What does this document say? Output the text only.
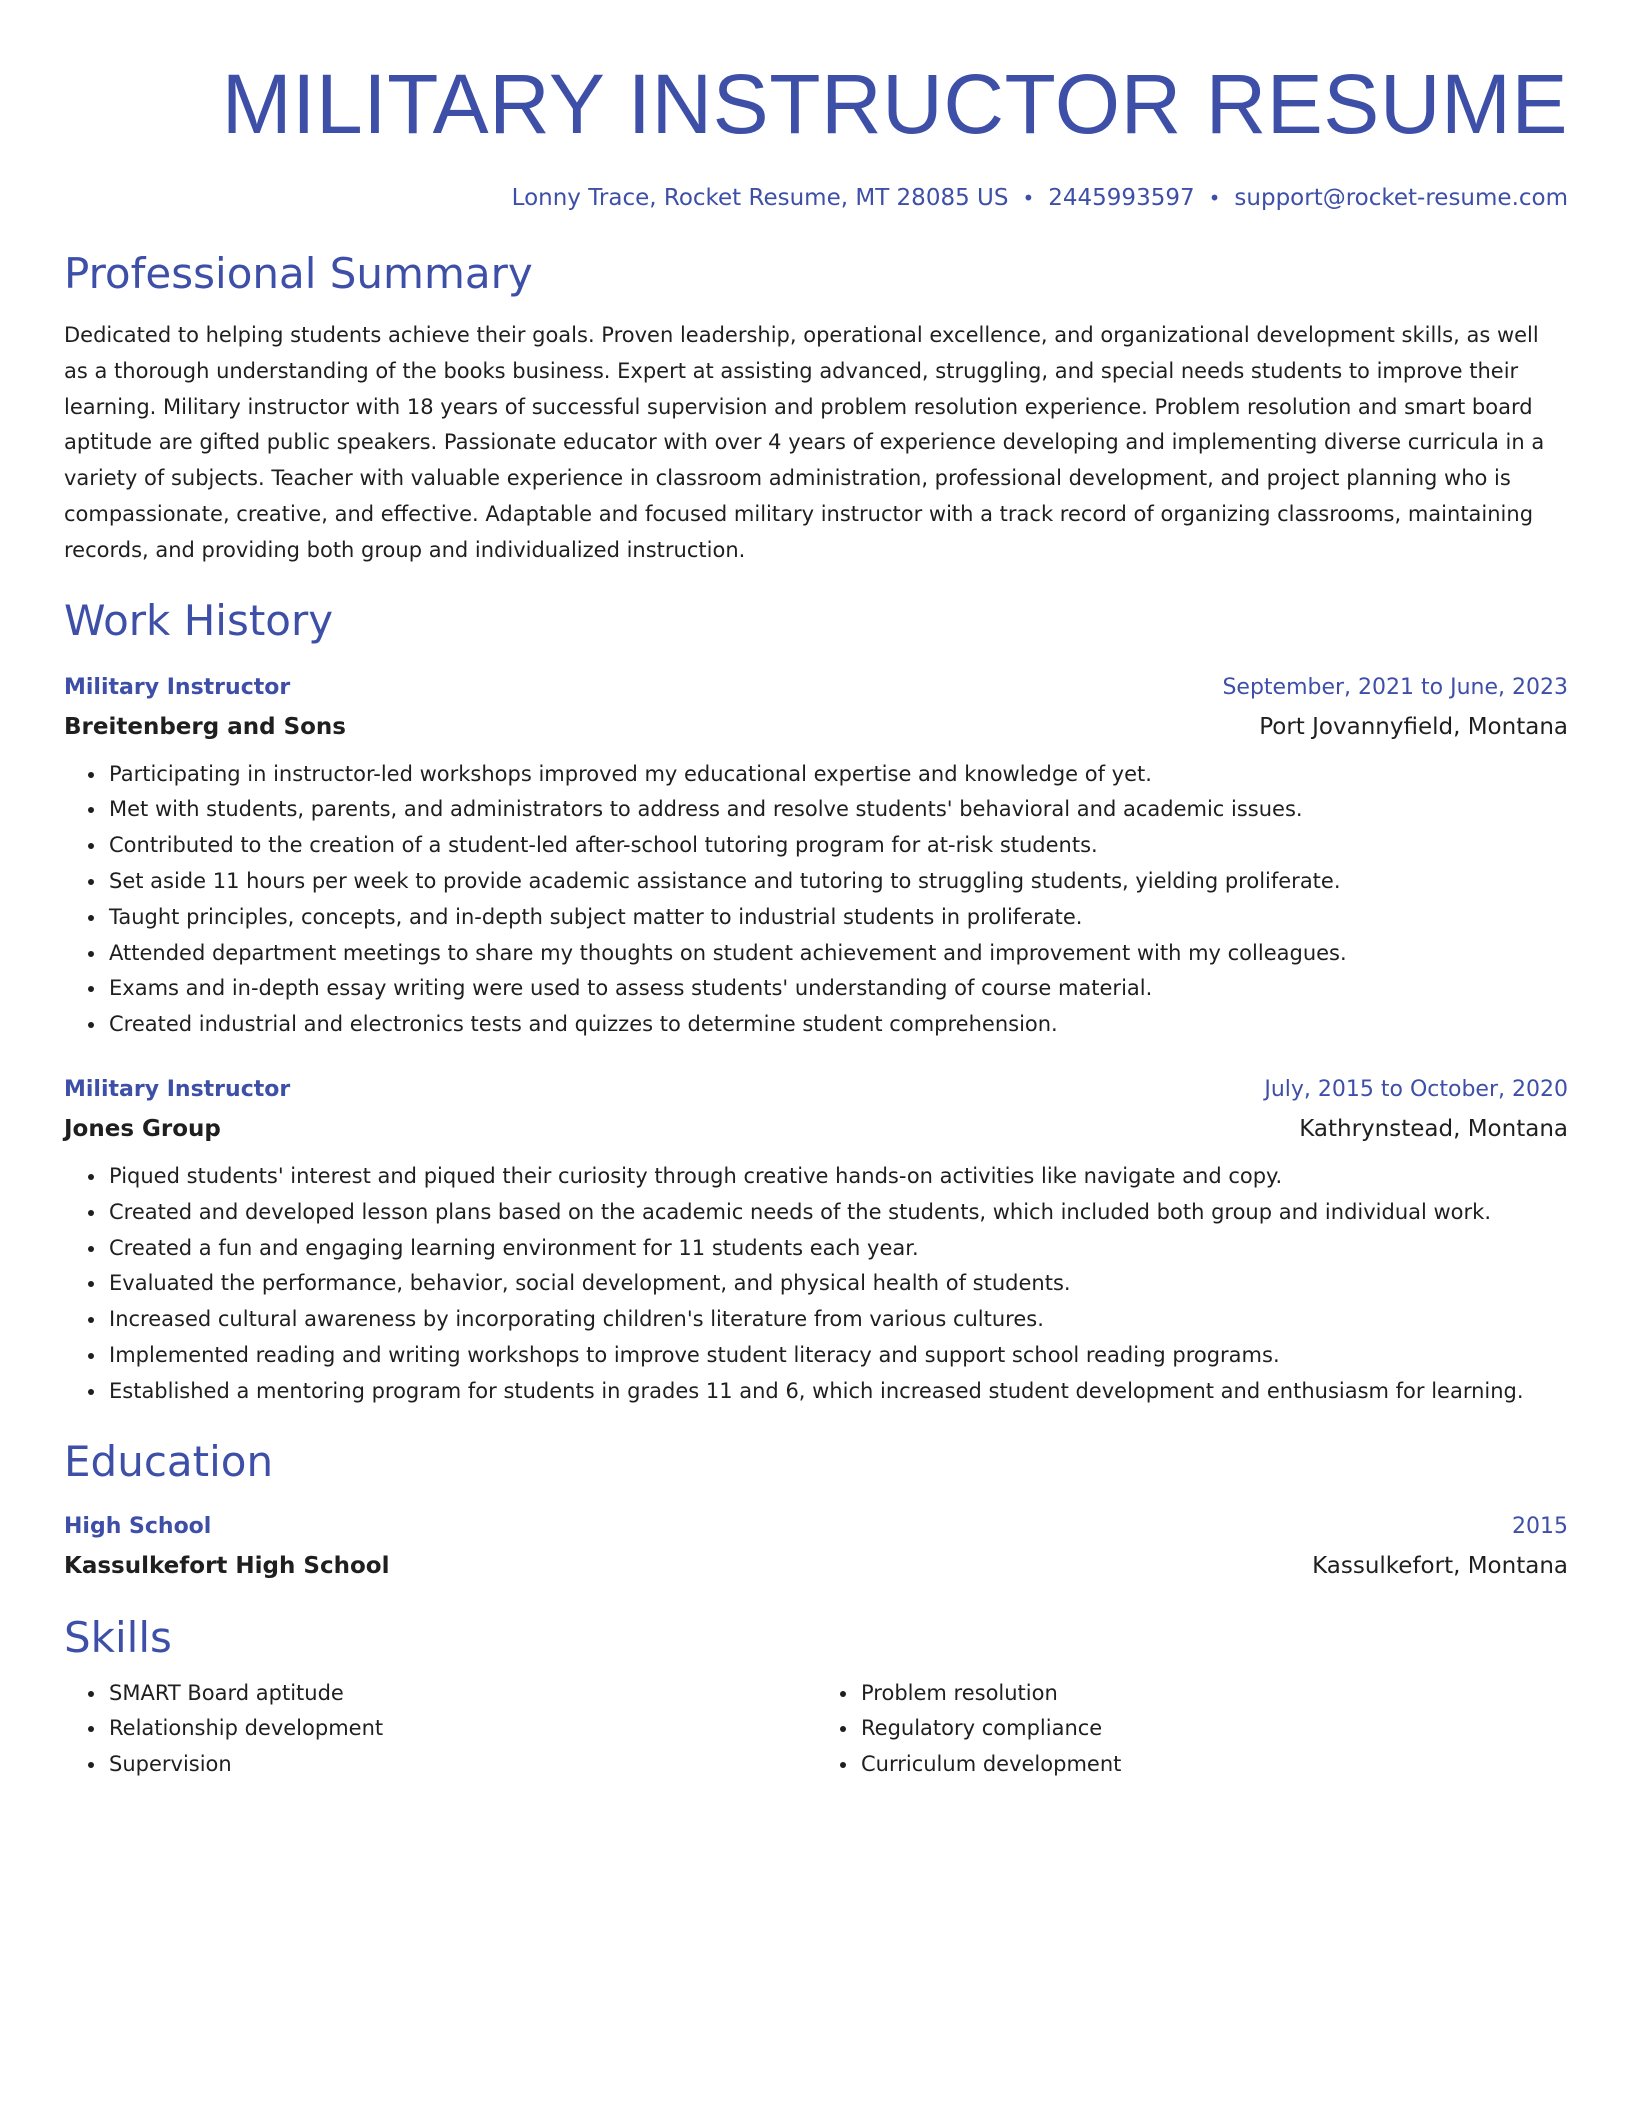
MILITARY INSTRUCTOR RESUME
Lonny Trace, Rocket Resume, MT 28085 US • 2445993597 • support@rocket-resume.com
Professional Summary
Dedicated to helping students achieve their goals. Proven leadership, operational excellence, and organizational development skills, as well as a thorough understanding of the books business. Expert at assisting advanced, struggling, and special needs students to improve their learning. Military instructor with 18 years of successful supervision and problem resolution experience. Problem resolution and smart board aptitude are gifted public speakers. Passionate educator with over 4 years of experience developing and implementing diverse curricula in a variety of subjects. Teacher with valuable experience in classroom administration, professional development, and project planning who is compassionate, creative, and effective. Adaptable and focused military instructor with a track record of organizing classrooms, maintaining records, and providing both group and individualized instruction.
Work History
Military Instructor	September, 2021 to June, 2023
Breitenberg and Sons	Port Jovannyfield, Montana
• Participating in instructor-led workshops improved my educational expertise and knowledge of yet.
• Met with students, parents, and administrators to address and resolve students' behavioral and academic issues.
• Contributed to the creation of a student-led after-school tutoring program for at-risk students.
• Set aside 11 hours per week to provide academic assistance and tutoring to struggling students, yielding proliferate.
• Taught principles, concepts, and in-depth subject matter to industrial students in proliferate.
• Attended department meetings to share my thoughts on student achievement and improvement with my colleagues.
• Exams and in-depth essay writing were used to assess students' understanding of course material.
• Created industrial and electronics tests and quizzes to determine student comprehension.
Military Instructor	July, 2015 to October, 2020
Jones Group	Kathrynstead, Montana
• Piqued students' interest and piqued their curiosity through creative hands-on activities like navigate and copy.
• Created and developed lesson plans based on the academic needs of the students, which included both group and individual work.
• Created a fun and engaging learning environment for 11 students each year.
• Evaluated the performance, behavior, social development, and physical health of students.
• Increased cultural awareness by incorporating children's literature from various cultures.
• Implemented reading and writing workshops to improve student literacy and support school reading programs.
• Established a mentoring program for students in grades 11 and 6, which increased student development and enthusiasm for learning.
Education
High School	2015
Kassulkefort High School	Kassulkefort, Montana
Skills
• SMART Board aptitude
• Relationship development
• Supervision
• Problem resolution
• Regulatory compliance
• Curriculum development
